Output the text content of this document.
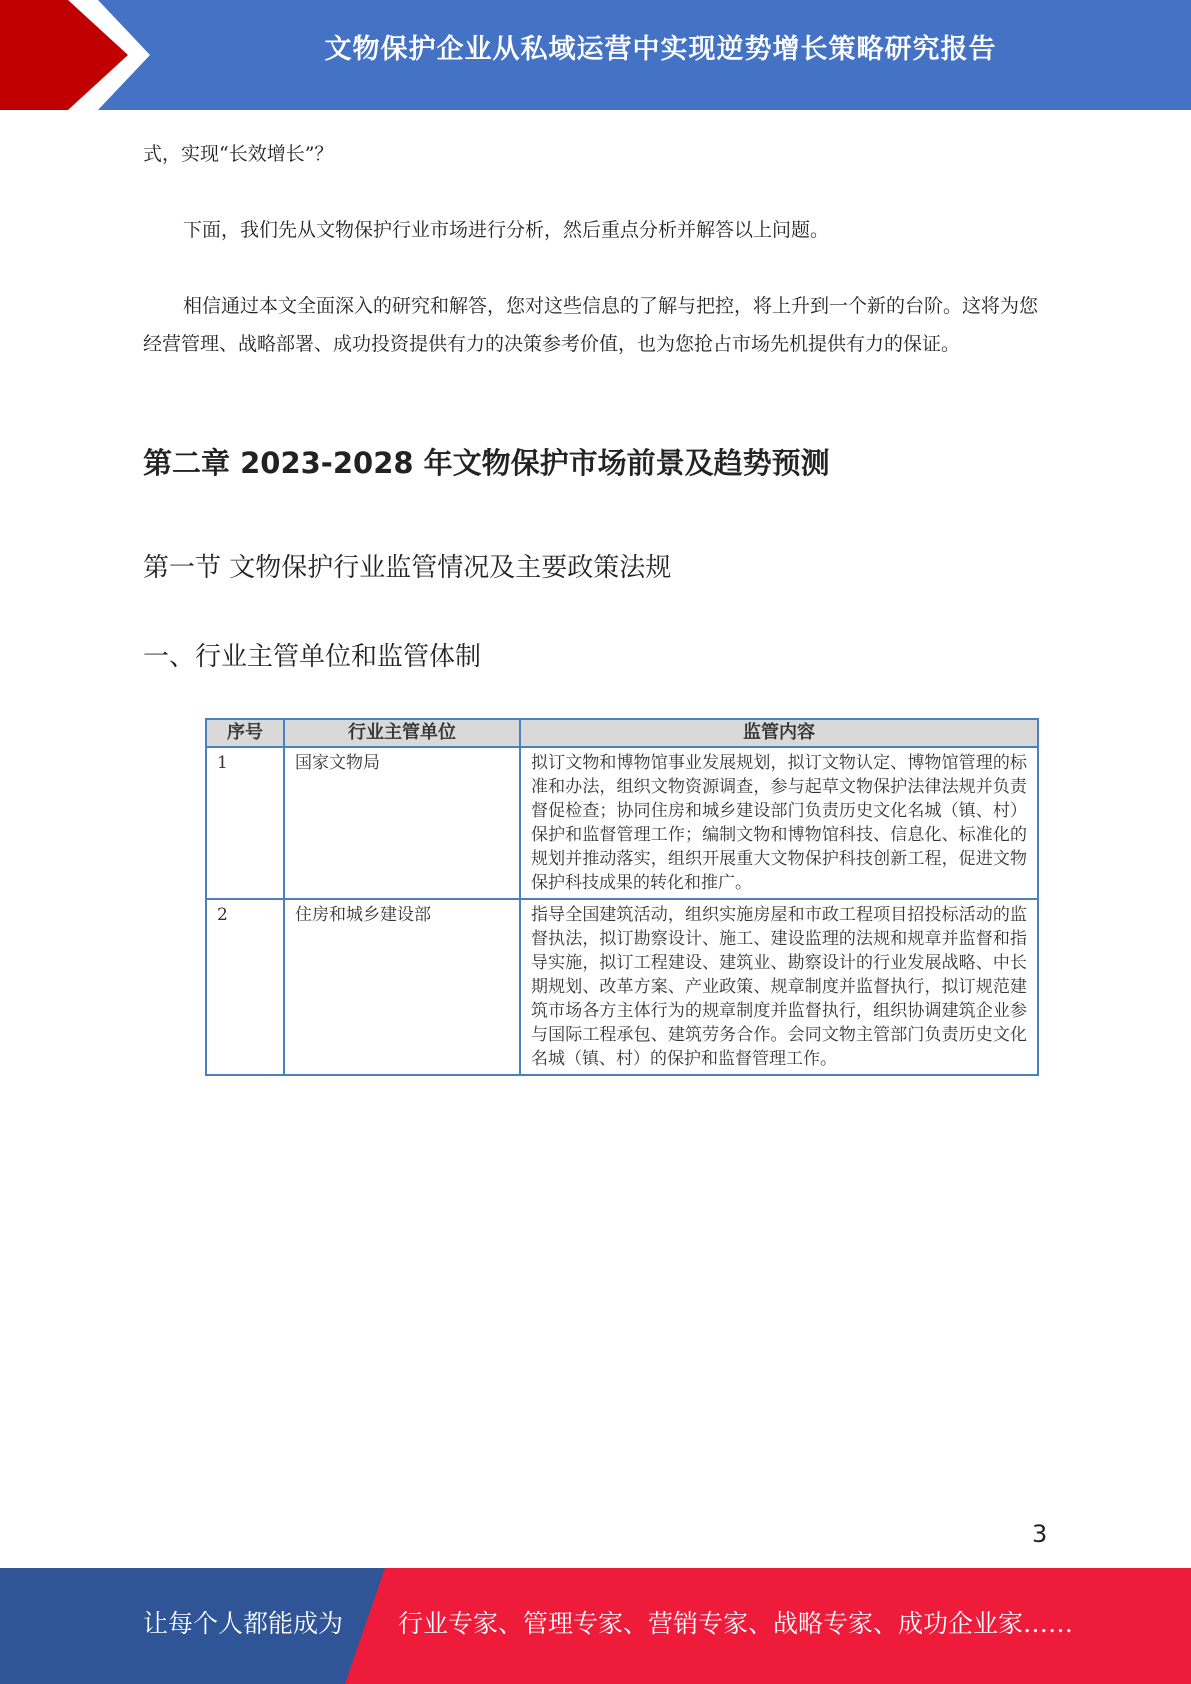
文物保护企业从私域运营中实现逆势增长策略研究报告

式，实现“长效增长”？

下面，我们先从文物保护行业市场进行分析，然后重点分析并解答以上问题。

相信通过本文全面深入的研究和解答，您对这些信息的了解与把控，将上升到一个新的台阶。这将为您经营管理、战略部署、成功投资提供有力的决策参考价值，也为您抢占市场先机提供有力的保证。

第二章 2023-2028 年文物保护市场前景及趋势预测
第一节 文物保护行业监管情况及主要政策法规
一、行业主管单位和监管体制
序号	行业主管单位	监管内容
1	国家文物局	拟订文物和博物馆事业发展规划，拟订文物认定、博物馆管理的标准和办法，组织文物资源调查，参与起草文物保护法律法规并负责督促检查；协同住房和城乡建设部门负责历史文化名城（镇、村）保护和监督管理工作；编制文物和博物馆科技、信息化、标准化的规划并推动落实，组织开展重大文物保护科技创新工程，促进文物保护科技成果的转化和推广。
2	住房和城乡建设部	指导全国建筑活动，组织实施房屋和市政工程项目招投标活动的监督执法，拟订勘察设计、施工、建设监理的法规和规章并监督和指导实施，拟订工程建设、建筑业、勘察设计的行业发展战略、中长期规划、改革方案、产业政策、规章制度并监督执行，拟订规范建筑市场各方主体行为的规章制度并监督执行，组织协调建筑企业参与国际工程承包、建筑劳务合作。会同文物主管部门负责历史文化名城（镇、村）的保护和监督管理工作。
3
让每个人都能成为 行业专家、管理专家、营销专家、战略专家、成功企业家……
